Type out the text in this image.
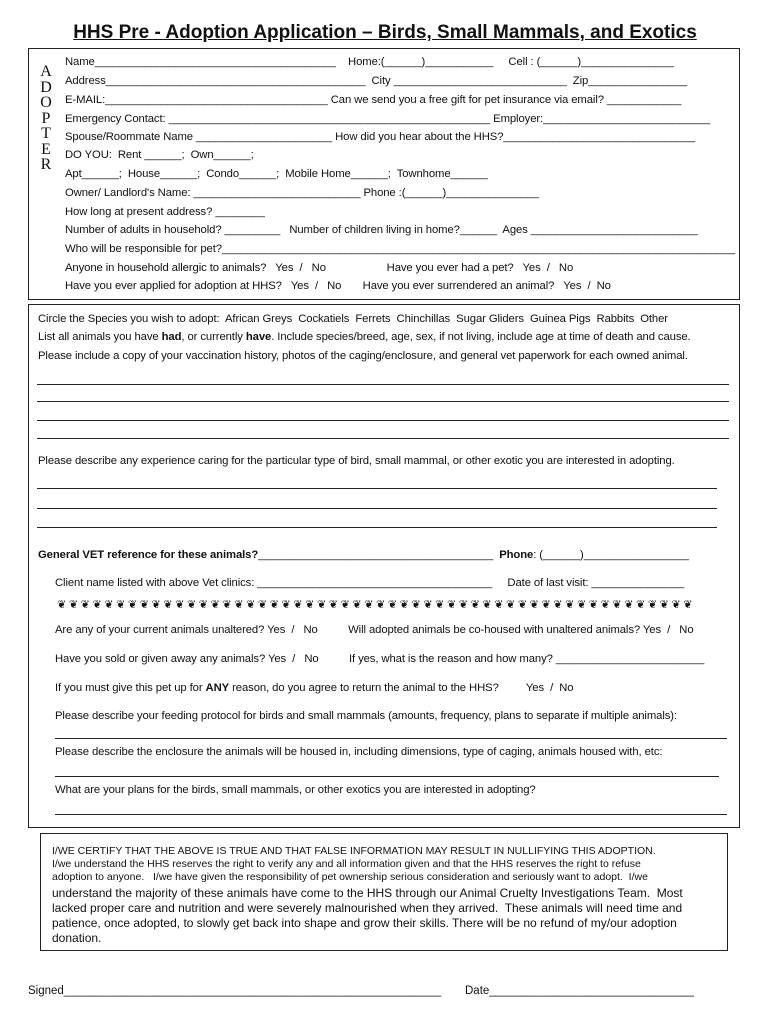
HHS Pre - Adoption Application – Birds, Small Mammals, and Exotics
A
D
O
P
T
E
R
Name_______________________________________    Home:(______)___________     Cell : (______)_______________
Address__________________________________________  City ____________________________  Zip________________
E-MAIL:____________________________________ Can we send you a free gift for pet insurance via email? ____________
Emergency Contact: ____________________________________________________ Employer:___________________________
Spouse/Roommate Name ______________________ How did you hear about the HHS?_______________________________
DO YOU:  Rent ______;  Own______;
Apt______;  House______;  Condo______;  Mobile Home______;  Townhome______
Owner/ Landlord's Name: ___________________________ Phone :(______)_______________
How long at present address? ________
Number of adults in household? _________   Number of children living in home?______  Ages ___________________________
Who will be responsible for pet?___________________________________________________________________________________
Anyone in household allergic to animals?   Yes  /   No                    Have you ever had a pet?   Yes  /   No
Have you ever applied for adoption at HHS?   Yes  /   No       Have you ever surrendered an animal?   Yes  /  No
Circle the Species you wish to adopt:  African Greys  Cockatiels  Ferrets  Chinchillas  Sugar Gliders  Guinea Pigs  Rabbits  Other
List all animals you have had, or currently have. Include species/breed, age, sex, if not living, include age at time of death and cause.
Please include a copy of your vaccination history, photos of the caging/enclosure, and general vet paperwork for each owned animal.
Please describe any experience caring for the particular type of bird, small mammal, or other exotic you are interested in adopting.
General VET reference for these animals?______________________________________ Phone: (______)_________________
Client name listed with above Vet clinics: ______________________________________     Date of last visit: _______________
❦❦❦❦❦❦❦❦❦❦❦❦❦❦❦❦❦❦❦❦❦❦❦❦❦❦❦❦❦❦❦❦❦❦❦❦❦❦❦❦❦❦❦❦❦❦❦❦❦❦❦❦❦❦
Are any of your current animals unaltered? Yes  /   No          Will adopted animals be co-housed with unaltered animals? Yes  /   No
Have you sold or given away any animals? Yes  /   No          If yes, what is the reason and how many? ________________________
If you must give this pet up for ANY reason, do you agree to return the animal to the HHS?         Yes  /  No
Please describe your feeding protocol for birds and small mammals (amounts, frequency, plans to separate if multiple animals):
Please describe the enclosure the animals will be housed in, including dimensions, type of caging, animals housed with, etc:
What are your plans for the birds, small mammals, or other exotics you are interested in adopting?
I/WE CERTIFY THAT THE ABOVE IS TRUE AND THAT FALSE INFORMATION MAY RESULT IN NULLIFYING THIS ADOPTION.
I/we understand the HHS reserves the right to verify any and all information given and that the HHS reserves the right to refuse
adoption to anyone.   I/we have given the responsibility of pet ownership serious consideration and seriously want to adopt.  I/we
understand the majority of these animals have come to the HHS through our Animal Cruelty Investigations Team.  Most
lacked proper care and nutrition and were severely malnourished when they arrived.  These animals will need time and
patience, once adopted, to slowly get back into shape and grow their skills. There will be no refund of my/our adoption
donation.
Signed___________________________________________________________ Date________________________________
